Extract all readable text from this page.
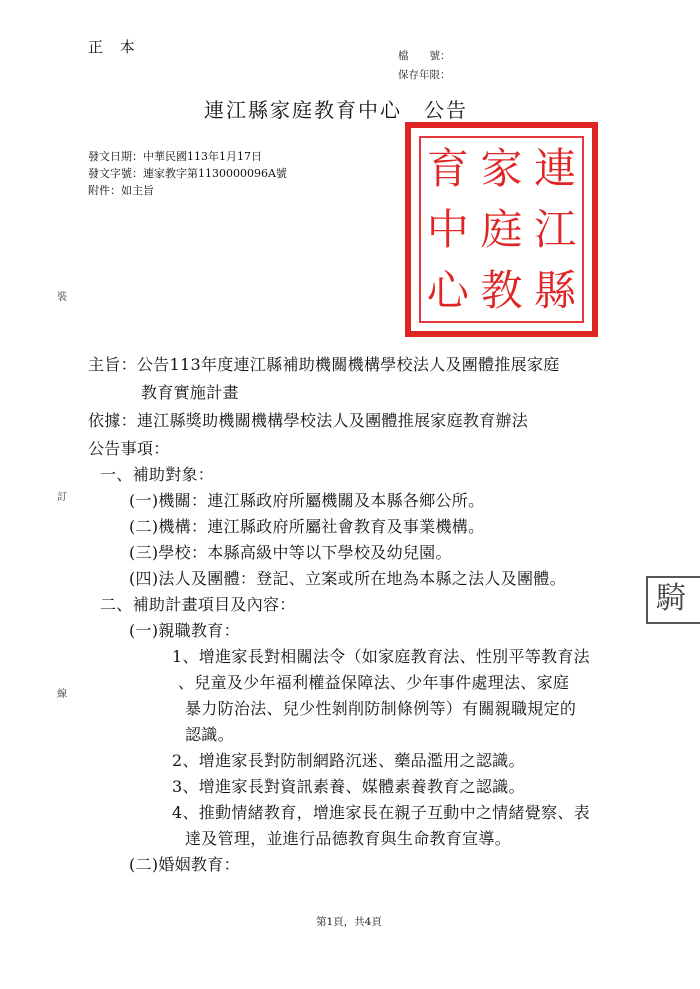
正 本	檔　　號：
保存年限：
連江縣家庭教育中心 公告
發文日期：中華民國113年1月17日
發文字號：連家教字第1130000096A號
附件：如主旨	連
江
縣
家
庭
教
育
中
心
裝
訂
線
騎
主旨：公告113年度連江縣補助機關機構學校法人及團體推展家庭
教育實施計畫
依據：連江縣獎助機關機構學校法人及團體推展家庭教育辦法
公告事項：
一、補助對象：
(一)機關：連江縣政府所屬機關及本縣各鄉公所。
(二)機構：連江縣政府所屬社會教育及事業機構。
(三)學校：本縣高級中等以下學校及幼兒園。
(四)法人及團體：登記、立案或所在地為本縣之法人及團體。
二、補助計畫項目及內容：
(一)親職教育：
1、增進家長對相關法令（如家庭教育法、性別平等教育法
、兒童及少年福利權益保障法、少年事件處理法、家庭
暴力防治法、兒少性剝削防制條例等）有關親職規定的
認識。
2、增進家長對防制網路沉迷、藥品濫用之認識。
3、增進家長對資訊素養、媒體素養教育之認識。
4、推動情緒教育，增進家長在親子互動中之情緒覺察、表
達及管理，並進行品德教育與生命教育宣導。
(二)婚姻教育：
第1頁，共4頁
